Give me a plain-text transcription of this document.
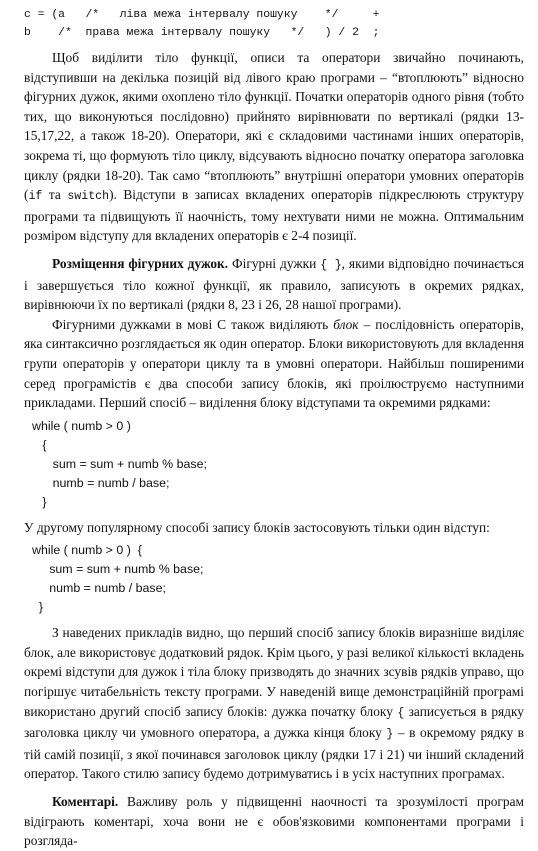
c = (a   /*   ліва межа інтервалу пошуку    */     +
b    /*  права межа інтервалу пошуку   */   ) / 2  ;

Щоб виділити тіло функції, описи та оператори звичайно починають, відступивши на декілька позицій від лівого краю програми – “втоплюють” відносно фігурних дужок, якими охоплено тіло функції. Початки операторів одного рівня (тобто тих, що виконуються послідовно) прийнято вирівнювати по вертикалі (рядки 13-15,17,22, а також 18-20). Оператори, які є складовими частинами інших операторів, зокрема ті, що формують тіло циклу, відсувають відносно початку оператора заголовка циклу (рядки 18-20). Так само “втоплюють” внутрішні оператори умовних операторів (if та switch). Відступи в записах вкладених операторів підкреслюють структуру програми та підвищують її наочність, тому нехтувати ними не можна. Оптимальним розміром відступу для вкладених операторів є 2-4 позиції.

Розміщення фігурних дужок. Фігурні дужки { }, якими відповідно починається і завершується тіло кожної функції, як правило, записують в окремих рядках, вирівнюючи їх по вертикалі (рядки 8, 23 і 26, 28 нашої програми).

Фігурними дужками в мові С також виділяють блок – послідовність операторів, яка синтаксично розглядається як один оператор. Блоки використовують для вкладення групи операторів у оператори циклу та в умовні оператори. Найбільш поширеними серед програмістів є два способи запису блоків, які проілюструємо наступними прикладами. Перший спосіб – виділення блоку відступами та окремими рядками:

while ( numb > 0 )
{
sum = sum + numb % base;
numb = numb / base;
}

У другому популярному способі запису блоків застосовують тільки один відступ:

while ( numb > 0 )  {
sum = sum + numb % base;
numb = numb / base;
}

З наведених прикладів видно, що перший спосіб запису блоків виразніше виділяє блок, але використовує додатковий рядок. Крім цього, у разі великої кількості вкладень окремі відступи для дужок і тіла блоку призводять до значних зсувів рядків управо, що погіршує читабельність тексту програми. У наведеній вище демонстраційній програмі використано другий спосіб запису блоків: дужка початку блоку { записується в рядку заголовка циклу чи умовного оператора, а дужка кінця блоку } – в окремому рядку в тій самій позиції, з якої починався заголовок циклу (рядки 17 і 21) чи інший складений оператор. Такого стилю запису будемо дотримуватись і в усіх наступних програмах.

Коментарі. Важливу роль у підвищенні наочності та зрозумілості програм відіграють коментарі, хоча вони не є обов'язковими компонентами програми і розгляда-
